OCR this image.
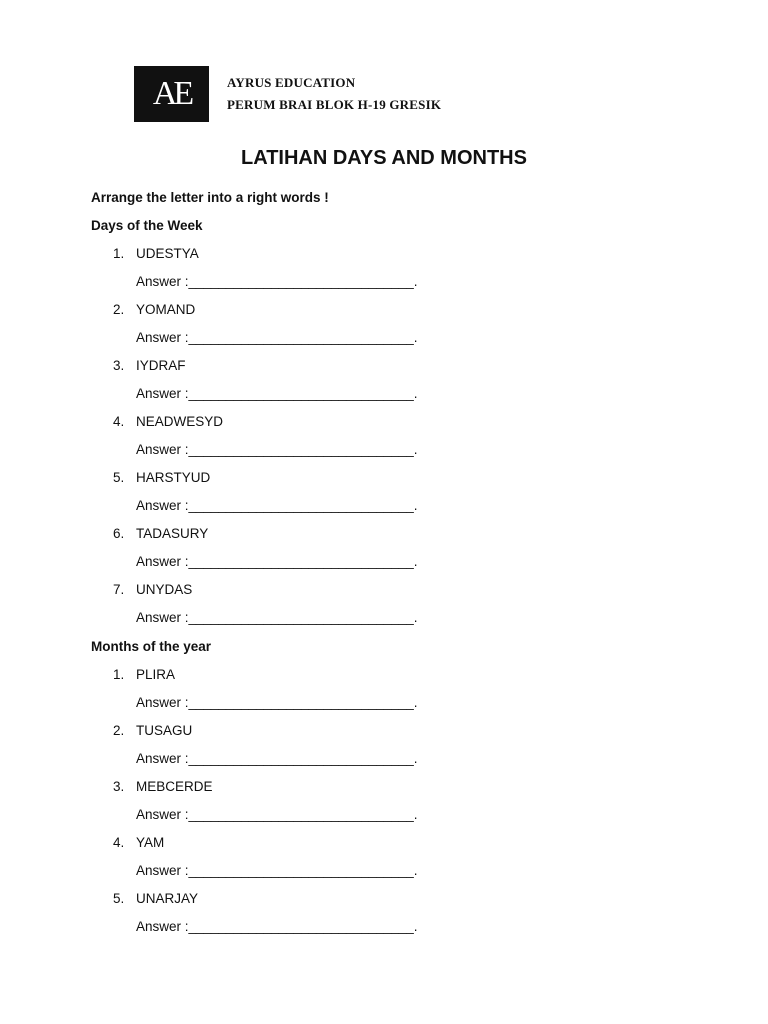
AE	AYRUS EDUCATION
PERUM BRAI BLOK H-19 GRESIK
LATIHAN DAYS AND MONTHS
Arrange the letter into a right words !
Days of the Week
1. UDESTYA
Answer :______________________________.
2. YOMAND
Answer :______________________________.
3. IYDRAF
Answer :______________________________.
4. NEADWESYD
Answer :______________________________.
5. HARSTYUD
Answer :______________________________.
6. TADASURY
Answer :______________________________.
7. UNYDAS
Answer :______________________________.
Months of the year
1. PLIRA
Answer :______________________________.
2. TUSAGU
Answer :______________________________.
3. MEBCERDE
Answer :______________________________.
4. YAM
Answer :______________________________.
5. UNARJAY
Answer :______________________________.
